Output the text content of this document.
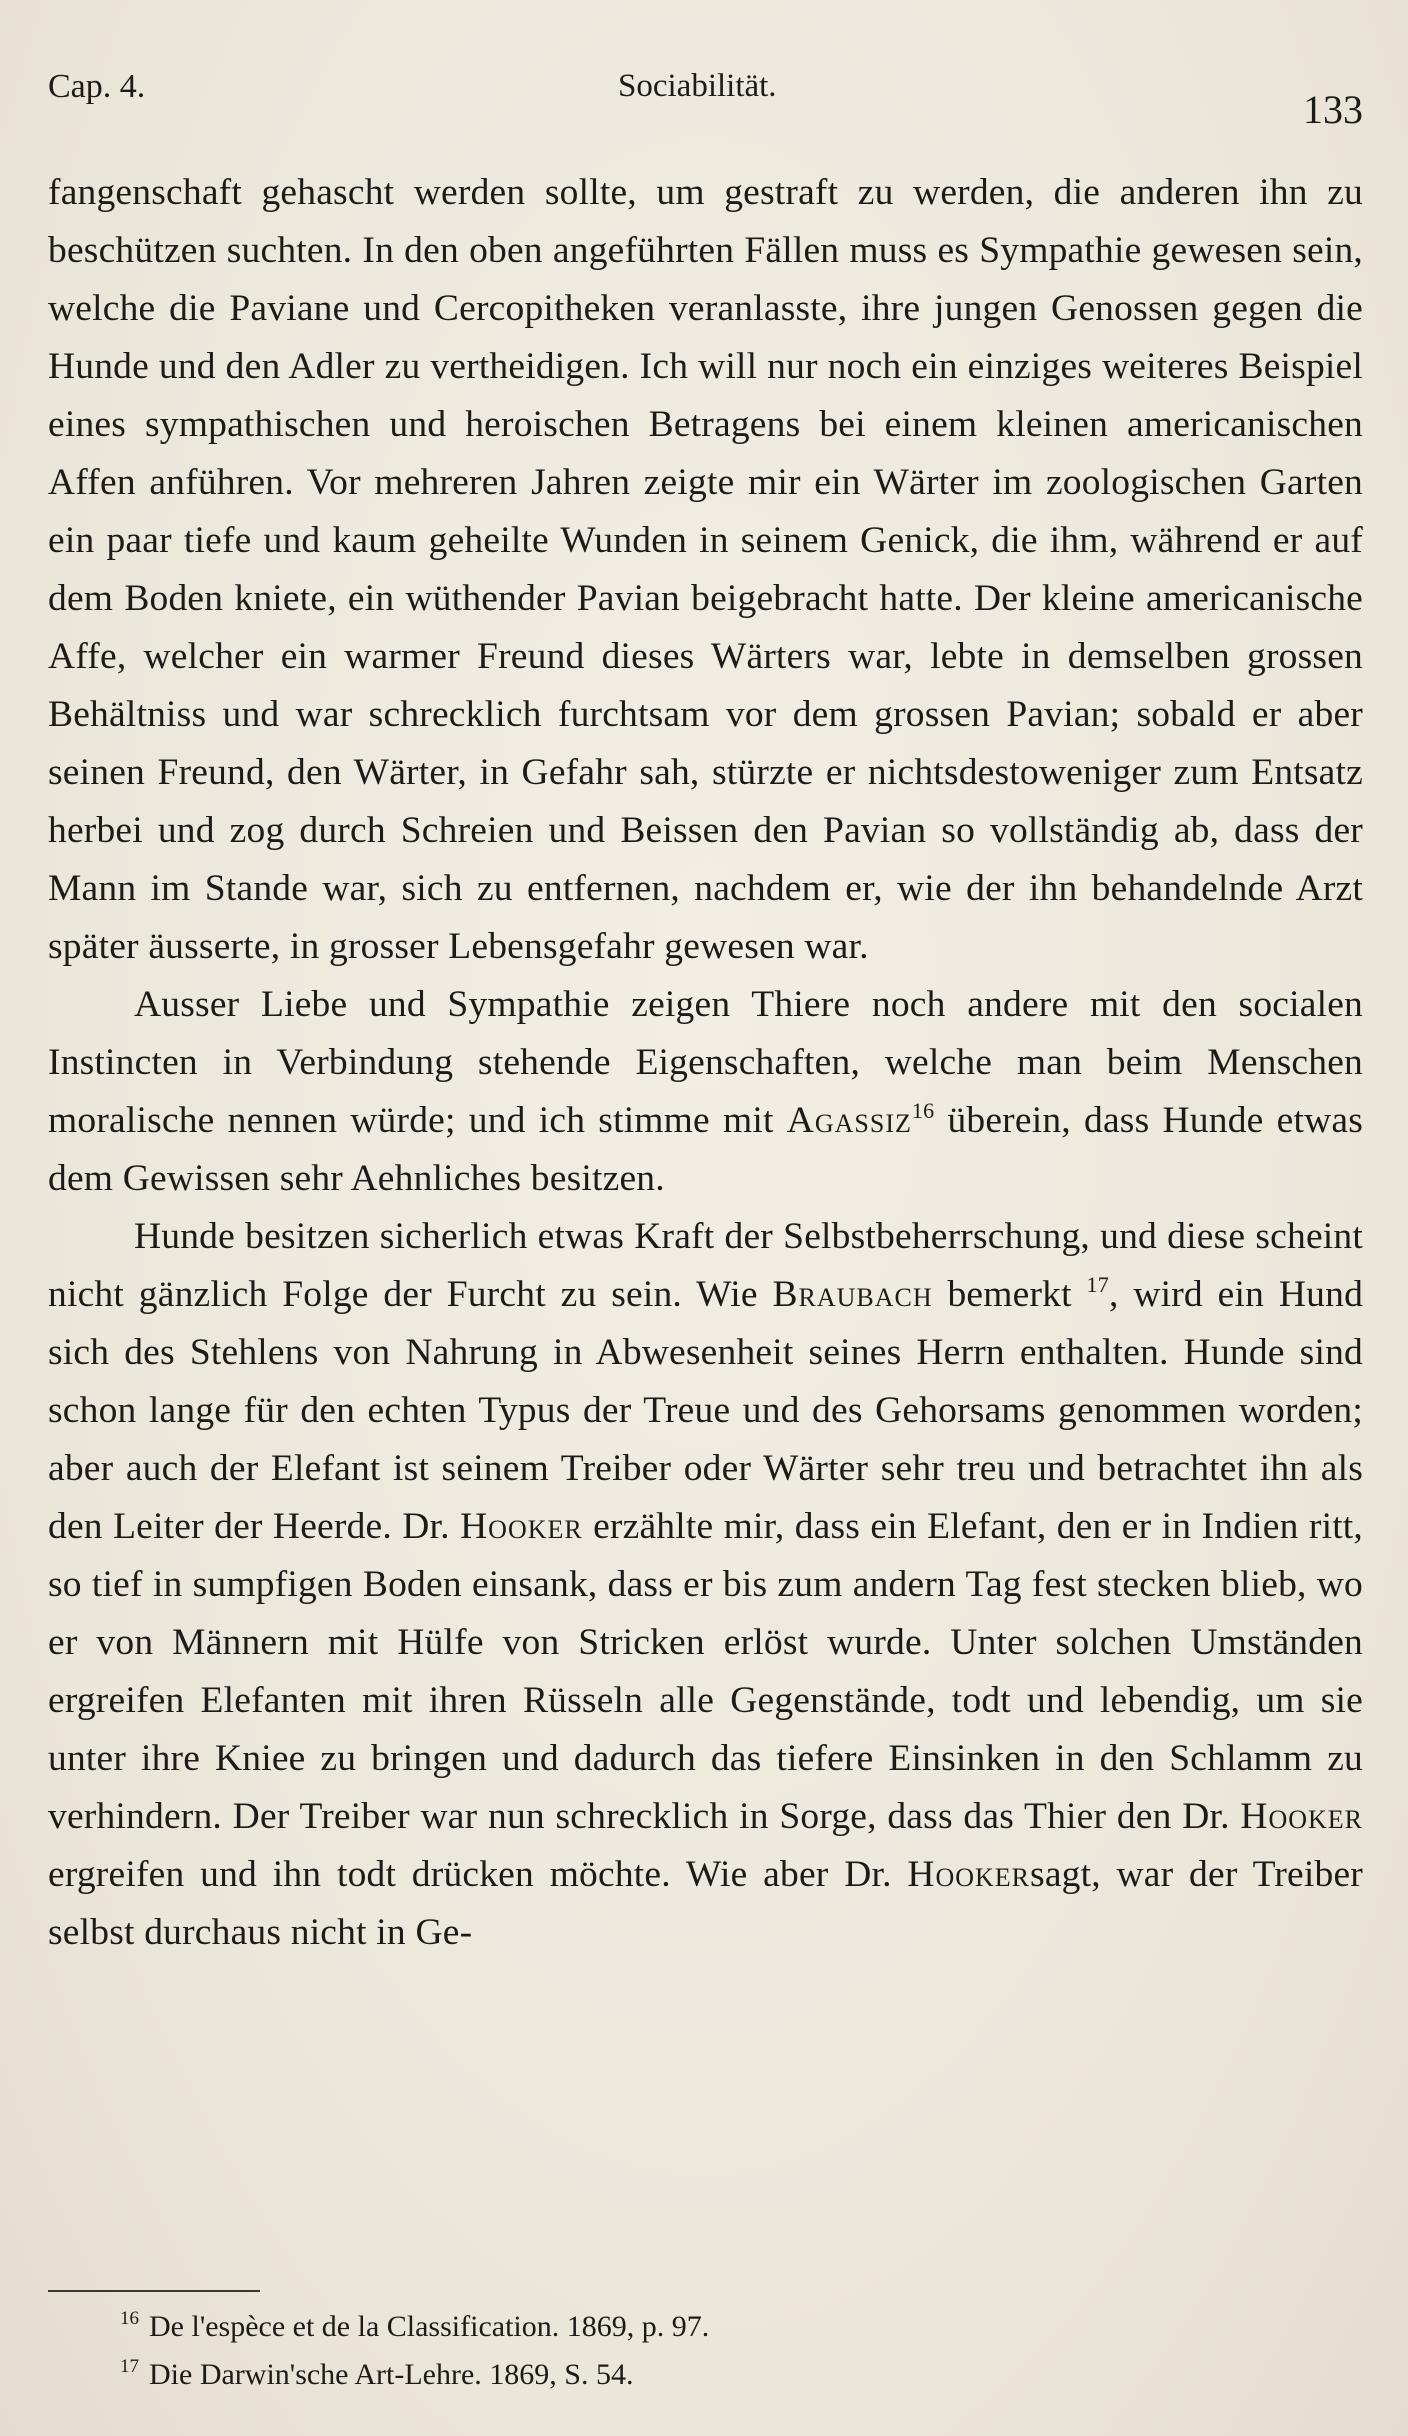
Cap. 4.	Sociabilität.
133

fangenschaft gehascht werden sollte, um gestraft zu werden, die anderen ihn zu beschützen suchten. In den oben angeführten Fällen muss es Sympathie gewesen sein, welche die Paviane und Cercopitheken veranlasste, ihre jungen Genossen gegen die Hunde und den Adler zu vertheidigen. Ich will nur noch ein einziges weiteres Beispiel eines sympathischen und heroischen Betragens bei einem kleinen americanischen Affen anführen. Vor mehreren Jahren zeigte mir ein Wärter im zoologischen Garten ein paar tiefe und kaum geheilte Wunden in seinem Genick, die ihm, während er auf dem Boden kniete, ein wüthender Pavian beigebracht hatte. Der kleine americanische Affe, welcher ein warmer Freund dieses Wärters war, lebte in demselben grossen Behältniss und war schrecklich furchtsam vor dem grossen Pavian; sobald er aber seinen Freund, den Wärter, in Gefahr sah, stürzte er nichtsdestoweniger zum Entsatz herbei und zog durch Schreien und Beissen den Pavian so vollständig ab, dass der Mann im Stande war, sich zu entfernen, nachdem er, wie der ihn behandelnde Arzt später äusserte, in grosser Lebensgefahr gewesen war.

Ausser Liebe und Sympathie zeigen Thiere noch andere mit den socialen Instincten in Verbindung stehende Eigenschaften, welche man beim Menschen moralische nennen würde; und ich stimme mit Agassiz$^{16}$ überein, dass Hunde etwas dem Gewissen sehr Aehnliches besitzen.

Hunde besitzen sicherlich etwas Kraft der Selbstbeherrschung, und diese scheint nicht gänzlich Folge der Furcht zu sein. Wie Braubach bemerkt $^{17}$, wird ein Hund sich des Stehlens von Nahrung in Abwesenheit seines Herrn enthalten. Hunde sind schon lange für den echten Typus der Treue und des Gehorsams genommen worden; aber auch der Elefant ist seinem Treiber oder Wärter sehr treu und betrachtet ihn als den Leiter der Heerde. Dr. Hooker erzählte mir, dass ein Elefant, den er in Indien ritt, so tief in sumpfigen Boden einsank, dass er bis zum andern Tag fest stecken blieb, wo er von Männern mit Hülfe von Stricken erlöst wurde. Unter solchen Umständen ergreifen Elefanten mit ihren Rüsseln alle Gegenstände, todt und lebendig, um sie unter ihre Kniee zu bringen und dadurch das tiefere Einsinken in den Schlamm zu verhindern. Der Treiber war nun schrecklich in Sorge, dass das Thier den Dr. Hooker ergreifen und ihn todt drücken möchte. Wie aber Dr. Hookersagt, war der Treiber selbst durchaus nicht in Ge-

$^{16}$ De l'espèce et de la Classification. 1869, p. 97.
$^{17}$ Die Darwin'sche Art-Lehre. 1869, S. 54.
